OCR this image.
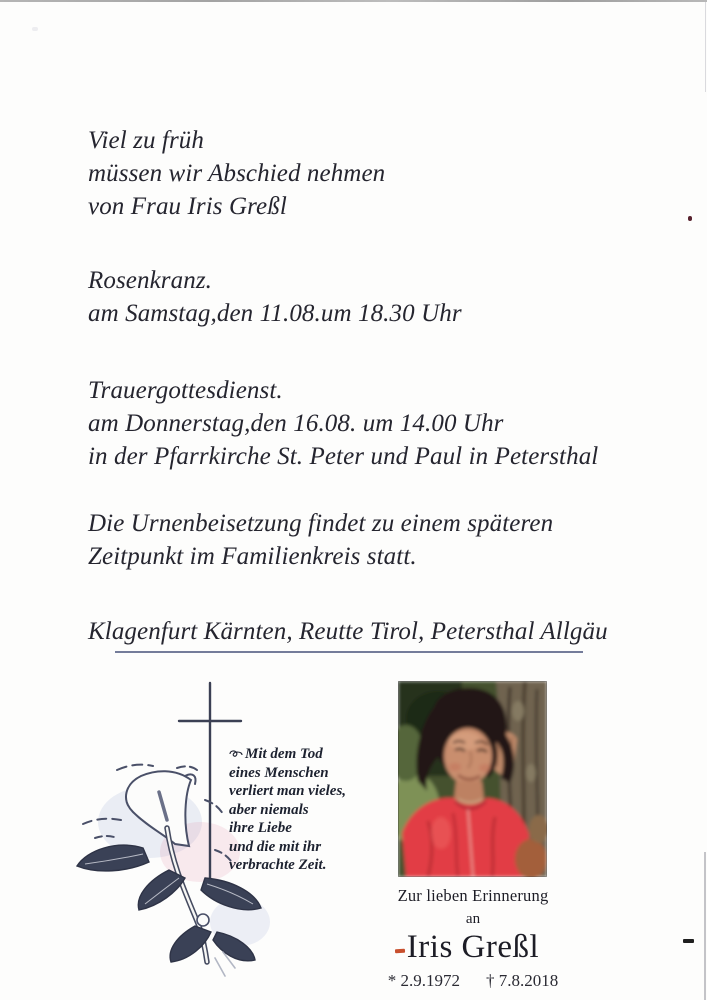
Viel zu früh
müssen wir Abschied nehmen
von Frau Iris Greßl
Rosenkranz.
am Samstag,den 11.08.um 18.30 Uhr
Trauergottesdienst.
am Donnerstag,den 16.08. um 14.00 Uhr
in der Pfarrkirche St. Peter und Paul in Petersthal
Die Urnenbeisetzung findet zu einem späteren
Zeitpunkt im Familienkreis statt.
Klagenfurt Kärnten, Reutte Tirol, Petersthal Allgäu
Mit dem Tod
eines Menschen
verliert man vieles,
aber niemals
ihre Liebe
und die mit ihr
verbrachte Zeit.
Zur lieben Erinnerung
an
Iris Greßl
* 2.9.1972 † 7.8.2018
